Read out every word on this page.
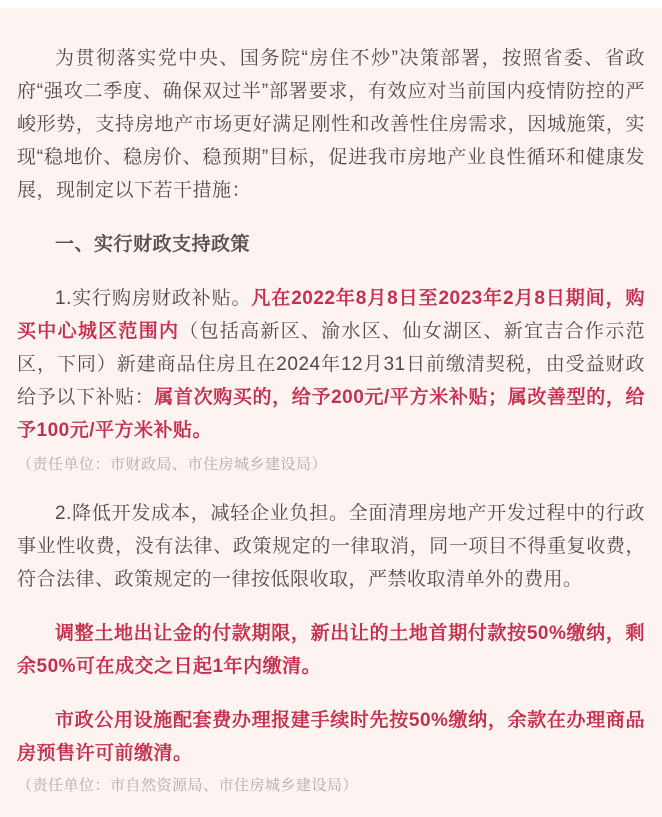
为贯彻落实党中央、国务院“房住不炒”决策部署，按照省委、省政府“强攻二季度、确保双过半”部署要求，有效应对当前国内疫情防控的严峻形势，支持房地产市场更好满足刚性和改善性住房需求，因城施策，实现“稳地价、稳房价、稳预期”目标，促进我市房地产业良性循环和健康发展，现制定以下若干措施：

一、实行财政支持政策

1.实行购房财政补贴。凡在2022年8月8日至2023年2月8日期间，购买中心城区范围内（包括高新区、渝水区、仙女湖区、新宜吉合作示范区，下同）新建商品住房且在2024年12月31日前缴清契税，由受益财政给予以下补贴：属首次购买的，给予200元/平方米补贴；属改善型的，给予100元/平方米补贴。

（责任单位：市财政局、市住房城乡建设局）

2.降低开发成本，减轻企业负担。全面清理房地产开发过程中的行政事业性收费，没有法律、政策规定的一律取消，同一项目不得重复收费，符合法律、政策规定的一律按低限收取，严禁收取清单外的费用。

调整土地出让金的付款期限，新出让的土地首期付款按50%缴纳，剩余50%可在成交之日起1年内缴清。

市政公用设施配套费办理报建手续时先按50%缴纳，余款在办理商品房预售许可前缴清。

（责任单位：市自然资源局、市住房城乡建设局）
